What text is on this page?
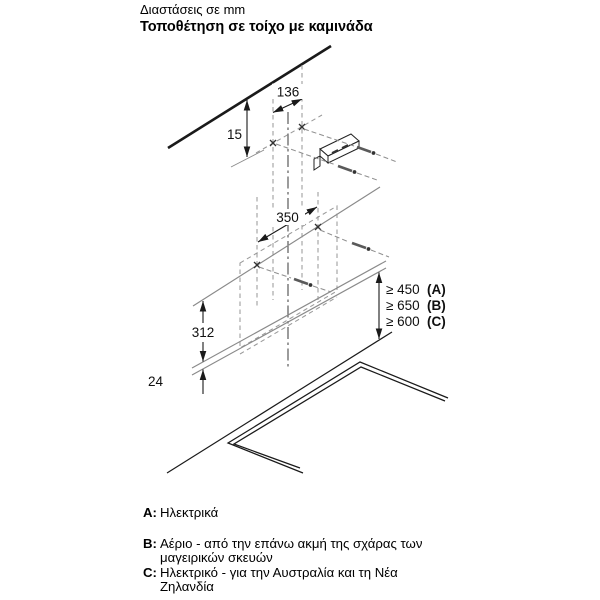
Διαστάσεις σε mm
Τοποθέτηση σε τοίχο με καμινάδα
15
136
350
312
24
≥ 450 (A)
≥ 650 (B)
≥ 600 (C)
A: Ηλεκτρικά
B: Αέριο - από την επάνω ακμή της σχάρας των μαγειρικών σκευών
C: Ηλεκτρικό - για την Αυστραλία και τη Νέα Ζηλανδία
